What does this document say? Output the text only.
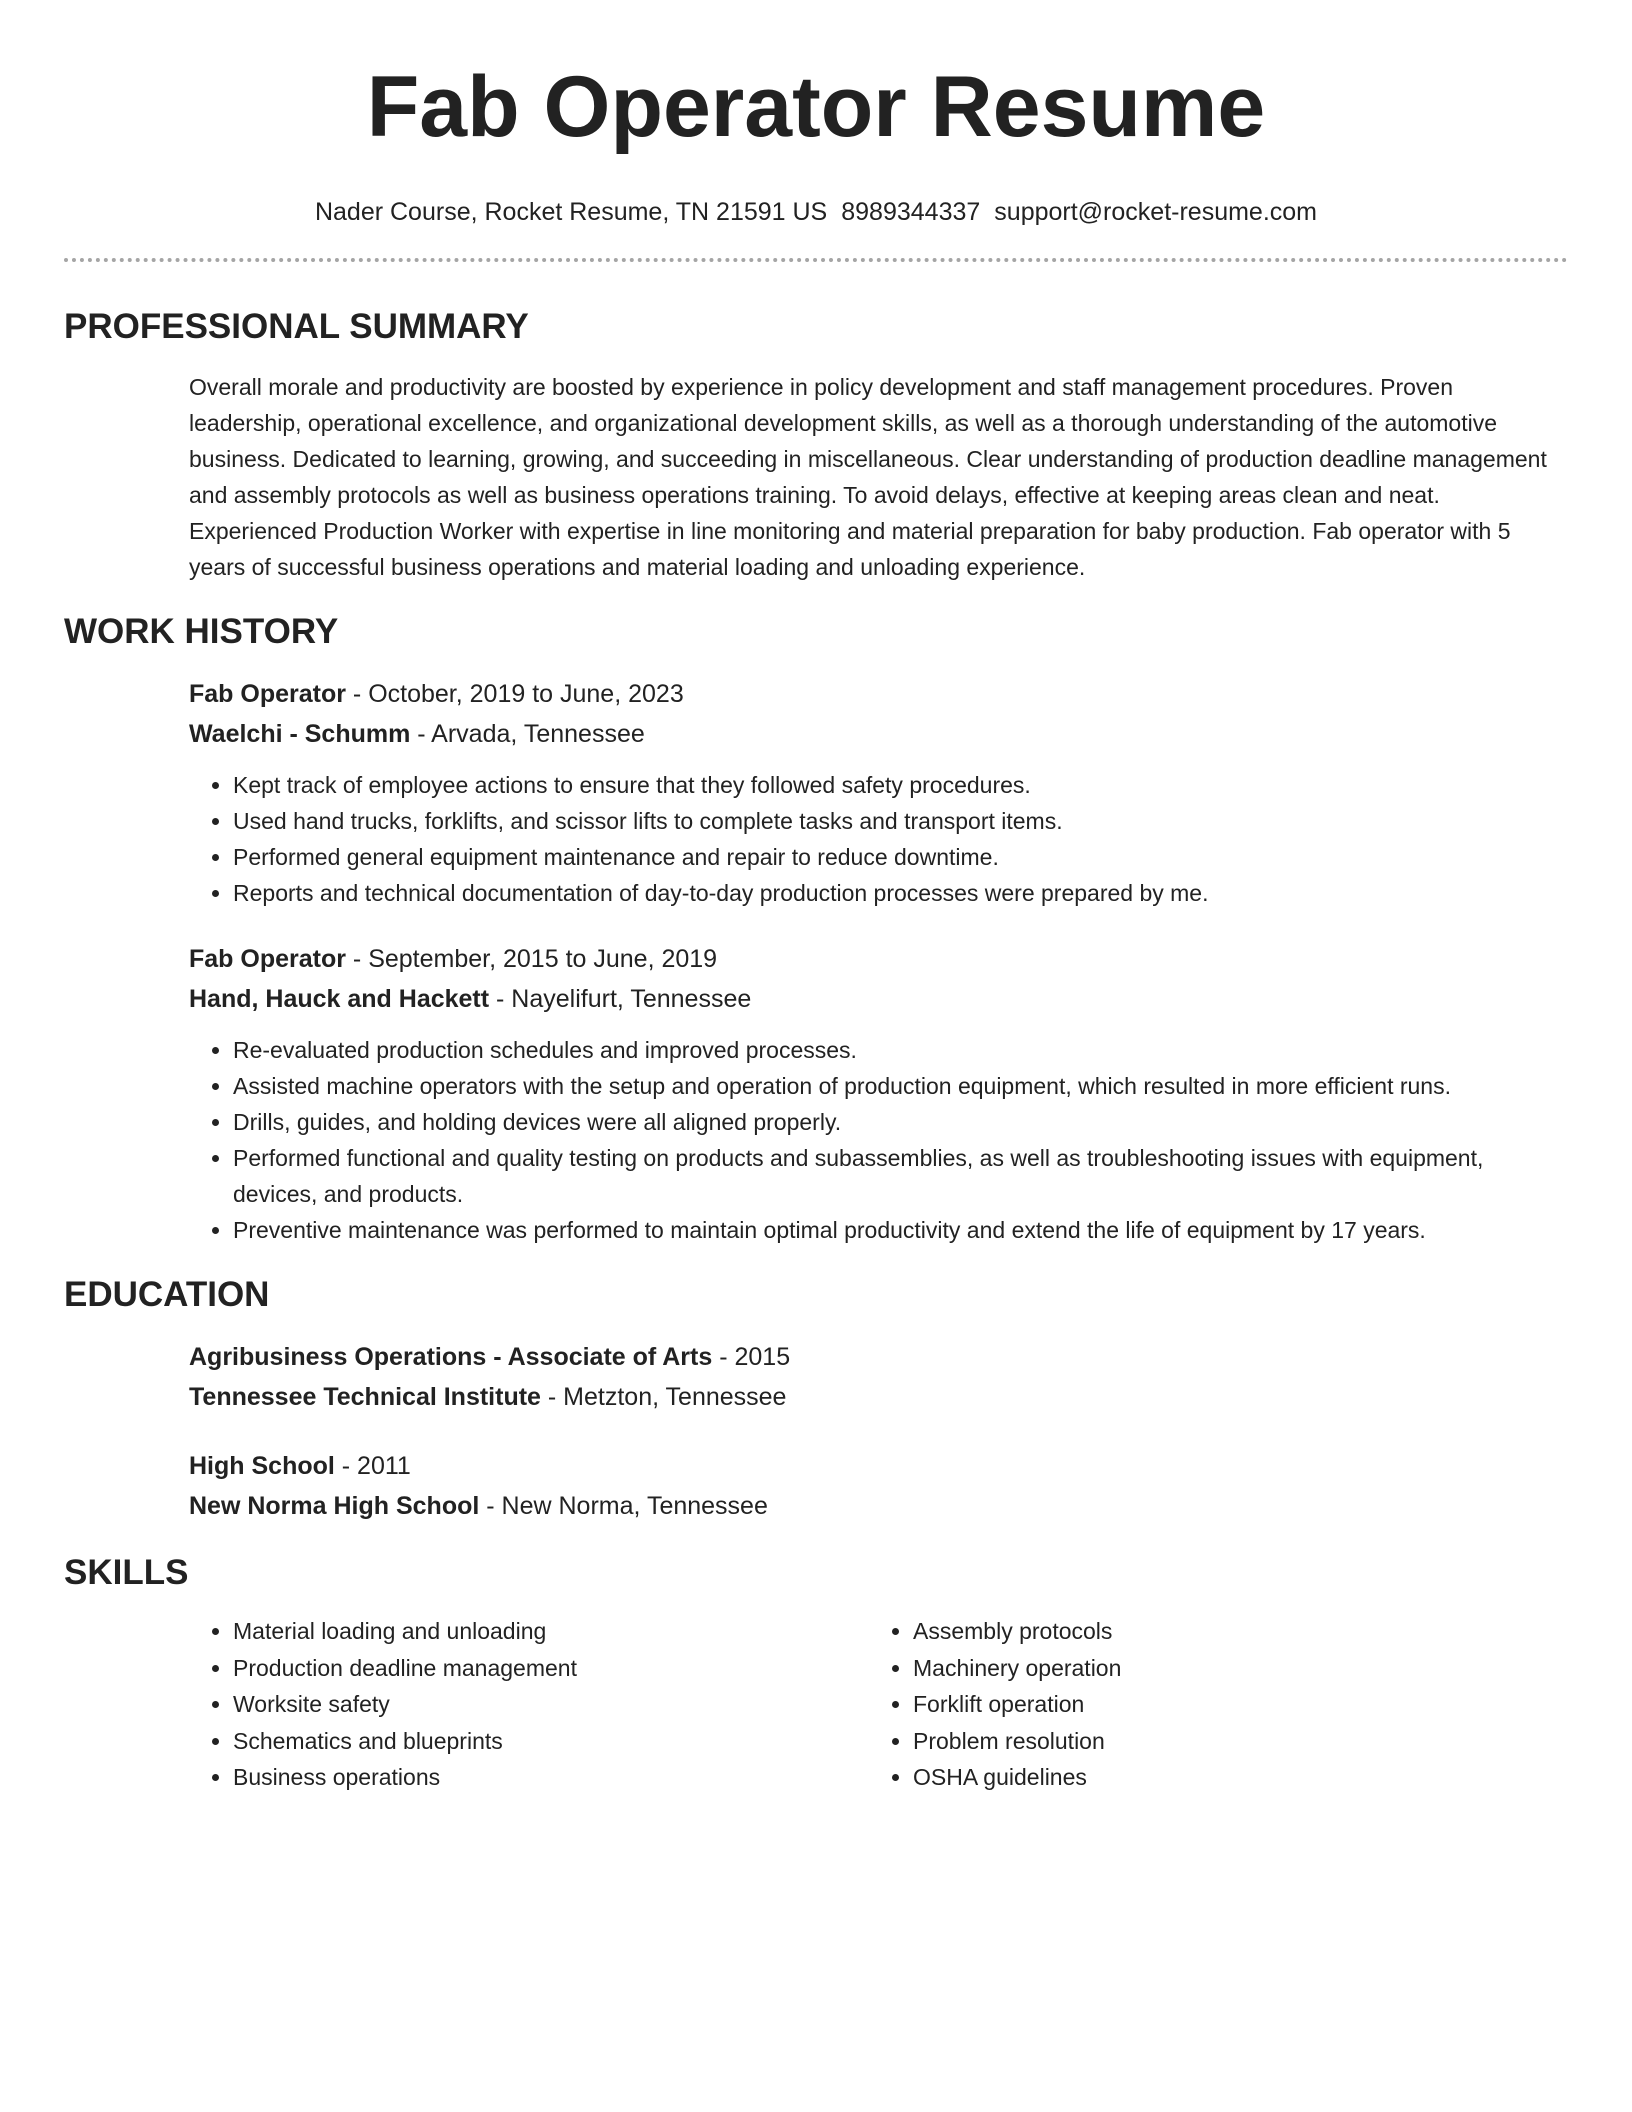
Fab Operator Resume
Nader Course, Rocket Resume, TN 21591 US 8989344337 support@rocket-resume.com
PROFESSIONAL SUMMARY

Overall morale and productivity are boosted by experience in policy development and staff management procedures. Proven leadership, operational excellence, and organizational development skills, as well as a thorough understanding of the automotive business. Dedicated to learning, growing, and succeeding in miscellaneous. Clear understanding of production deadline management and assembly protocols as well as business operations training. To avoid delays, effective at keeping areas clean and neat. Experienced Production Worker with expertise in line monitoring and material preparation for baby production. Fab operator with 5 years of successful business operations and material loading and unloading experience.

WORK HISTORY
Fab Operator - October, 2019 to June, 2023
Waelchi - Schumm - Arvada, Tennessee
• Kept track of employee actions to ensure that they followed safety procedures.
• Used hand trucks, forklifts, and scissor lifts to complete tasks and transport items.
• Performed general equipment maintenance and repair to reduce downtime.
• Reports and technical documentation of day-to-day production processes were prepared by me.
Fab Operator - September, 2015 to June, 2019
Hand, Hauck and Hackett - Nayelifurt, Tennessee
• Re-evaluated production schedules and improved processes.
• Assisted machine operators with the setup and operation of production equipment, which resulted in more efficient runs.
• Drills, guides, and holding devices were all aligned properly.
• Performed functional and quality testing on products and subassemblies, as well as troubleshooting issues with equipment, devices, and products.
• Preventive maintenance was performed to maintain optimal productivity and extend the life of equipment by 17 years.
EDUCATION
Agribusiness Operations - Associate of Arts - 2015
Tennessee Technical Institute - Metzton, Tennessee
High School - 2011
New Norma High School - New Norma, Tennessee
SKILLS
• Material loading and unloading
• Production deadline management
• Worksite safety
• Schematics and blueprints
• Business operations
• Assembly protocols
• Machinery operation
• Forklift operation
• Problem resolution
• OSHA guidelines
